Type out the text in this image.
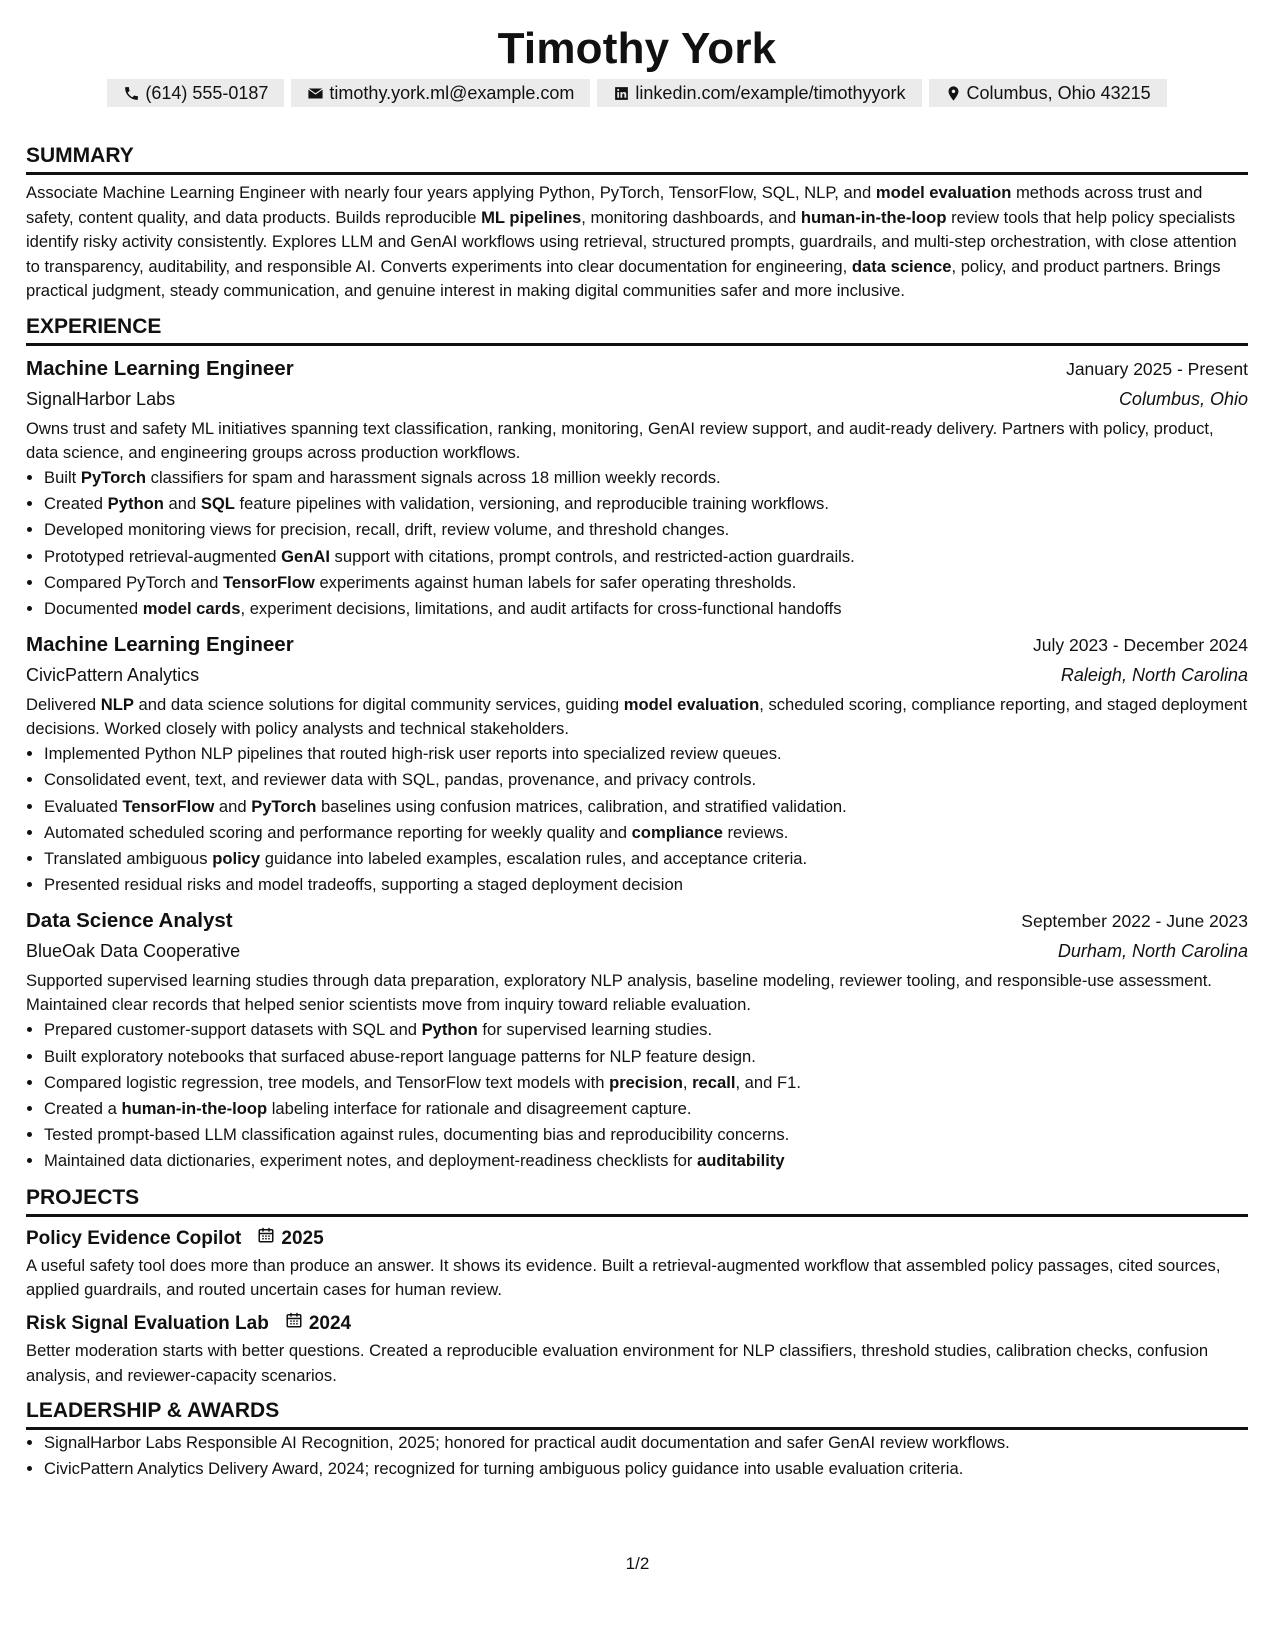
Timothy York
(614) 555-0187	timothy.york.ml@example.com	linkedin.com/example/timothyyork	Columbus, Ohio 43215
SUMMARY
Associate Machine Learning Engineer with nearly four years applying Python, PyTorch, TensorFlow, SQL, NLP, and model evaluation methods across trust and safety, content quality, and data products. Builds reproducible ML pipelines, monitoring dashboards, and human-in-the-loop review tools that help policy specialists identify risky activity consistently. Explores LLM and GenAI workflows using retrieval, structured prompts, guardrails, and multi-step orchestration, with close attention to transparency, auditability, and responsible AI. Converts experiments into clear documentation for engineering, data science, policy, and product partners. Brings practical judgment, steady communication, and genuine interest in making digital communities safer and more inclusive.
EXPERIENCE
Machine Learning Engineer	January 2025 - Present
SignalHarbor Labs	Columbus, Ohio
Owns trust and safety ML initiatives spanning text classification, ranking, monitoring, GenAI review support, and audit-ready delivery. Partners with policy, product, data science, and engineering groups across production workflows.
• Built PyTorch classifiers for spam and harassment signals across 18 million weekly records.
• Created Python and SQL feature pipelines with validation, versioning, and reproducible training workflows.
• Developed monitoring views for precision, recall, drift, review volume, and threshold changes.
• Prototyped retrieval-augmented GenAI support with citations, prompt controls, and restricted-action guardrails.
• Compared PyTorch and TensorFlow experiments against human labels for safer operating thresholds.
• Documented model cards, experiment decisions, limitations, and audit artifacts for cross-functional handoffs
Machine Learning Engineer	July 2023 - December 2024
CivicPattern Analytics	Raleigh, North Carolina
Delivered NLP and data science solutions for digital community services, guiding model evaluation, scheduled scoring, compliance reporting, and staged deployment decisions. Worked closely with policy analysts and technical stakeholders.
• Implemented Python NLP pipelines that routed high-risk user reports into specialized review queues.
• Consolidated event, text, and reviewer data with SQL, pandas, provenance, and privacy controls.
• Evaluated TensorFlow and PyTorch baselines using confusion matrices, calibration, and stratified validation.
• Automated scheduled scoring and performance reporting for weekly quality and compliance reviews.
• Translated ambiguous policy guidance into labeled examples, escalation rules, and acceptance criteria.
• Presented residual risks and model tradeoffs, supporting a staged deployment decision
Data Science Analyst	September 2022 - June 2023
BlueOak Data Cooperative	Durham, North Carolina
Supported supervised learning studies through data preparation, exploratory NLP analysis, baseline modeling, reviewer tooling, and responsible-use assessment. Maintained clear records that helped senior scientists move from inquiry toward reliable evaluation.
• Prepared customer-support datasets with SQL and Python for supervised learning studies.
• Built exploratory notebooks that surfaced abuse-report language patterns for NLP feature design.
• Compared logistic regression, tree models, and TensorFlow text models with precision, recall, and F1.
• Created a human-in-the-loop labeling interface for rationale and disagreement capture.
• Tested prompt-based LLM classification against rules, documenting bias and reproducibility concerns.
• Maintained data dictionaries, experiment notes, and deployment-readiness checklists for auditability
PROJECTS
Policy Evidence Copilot 2025
A useful safety tool does more than produce an answer. It shows its evidence. Built a retrieval-augmented workflow that assembled policy passages, cited sources, applied guardrails, and routed uncertain cases for human review.
Risk Signal Evaluation Lab 2024
Better moderation starts with better questions. Created a reproducible evaluation environment for NLP classifiers, threshold studies, calibration checks, confusion analysis, and reviewer-capacity scenarios.
LEADERSHIP & AWARDS
• SignalHarbor Labs Responsible AI Recognition, 2025; honored for practical audit documentation and safer GenAI review workflows.
• CivicPattern Analytics Delivery Award, 2024; recognized for turning ambiguous policy guidance into usable evaluation criteria.
1/2
